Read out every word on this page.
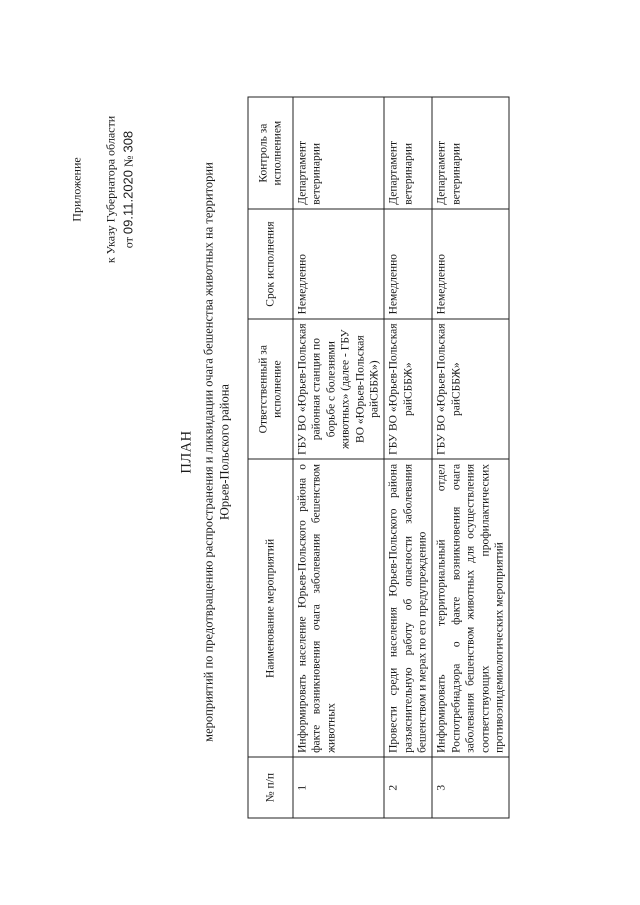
Приложение к Указу Губернатора области от 09.11.2020 № 308
ПЛАН мероприятий по предотвращению распространения и ликвидации очага бешенства животных на территории Юрьев-Польского района
№ п/п	Наименование мероприятий	Ответственный за исполнение	Срок исполнения	Контроль за исполнением
1	Информировать население Юрьев-Польского района о факте возникновения очага заболевания бешенством животных	ГБУ ВО «Юрьев-Польская районная станция по борьбе с болезнями животных» (далее - ГБУ ВО «Юрьев-Польская райСББЖ»)	Немедленно	Департамент ветеринарии
2	Провести среди населения Юрьев-Польского района разъяснительную работу об опасности заболевания бешенством и мерах по его предупреждению	ГБУ ВО «Юрьев-Польская райСББЖ»	Немедленно	Департамент ветеринарии
3	Информировать территориальный отдел Роспотребнадзора о факте возникновения очага заболевания бешенством животных для осуществления соответствующих профилактических противоэпидемиологических мероприятий	ГБУ ВО «Юрьев-Польская райСББЖ»	Немедленно	Департамент ветеринарии
